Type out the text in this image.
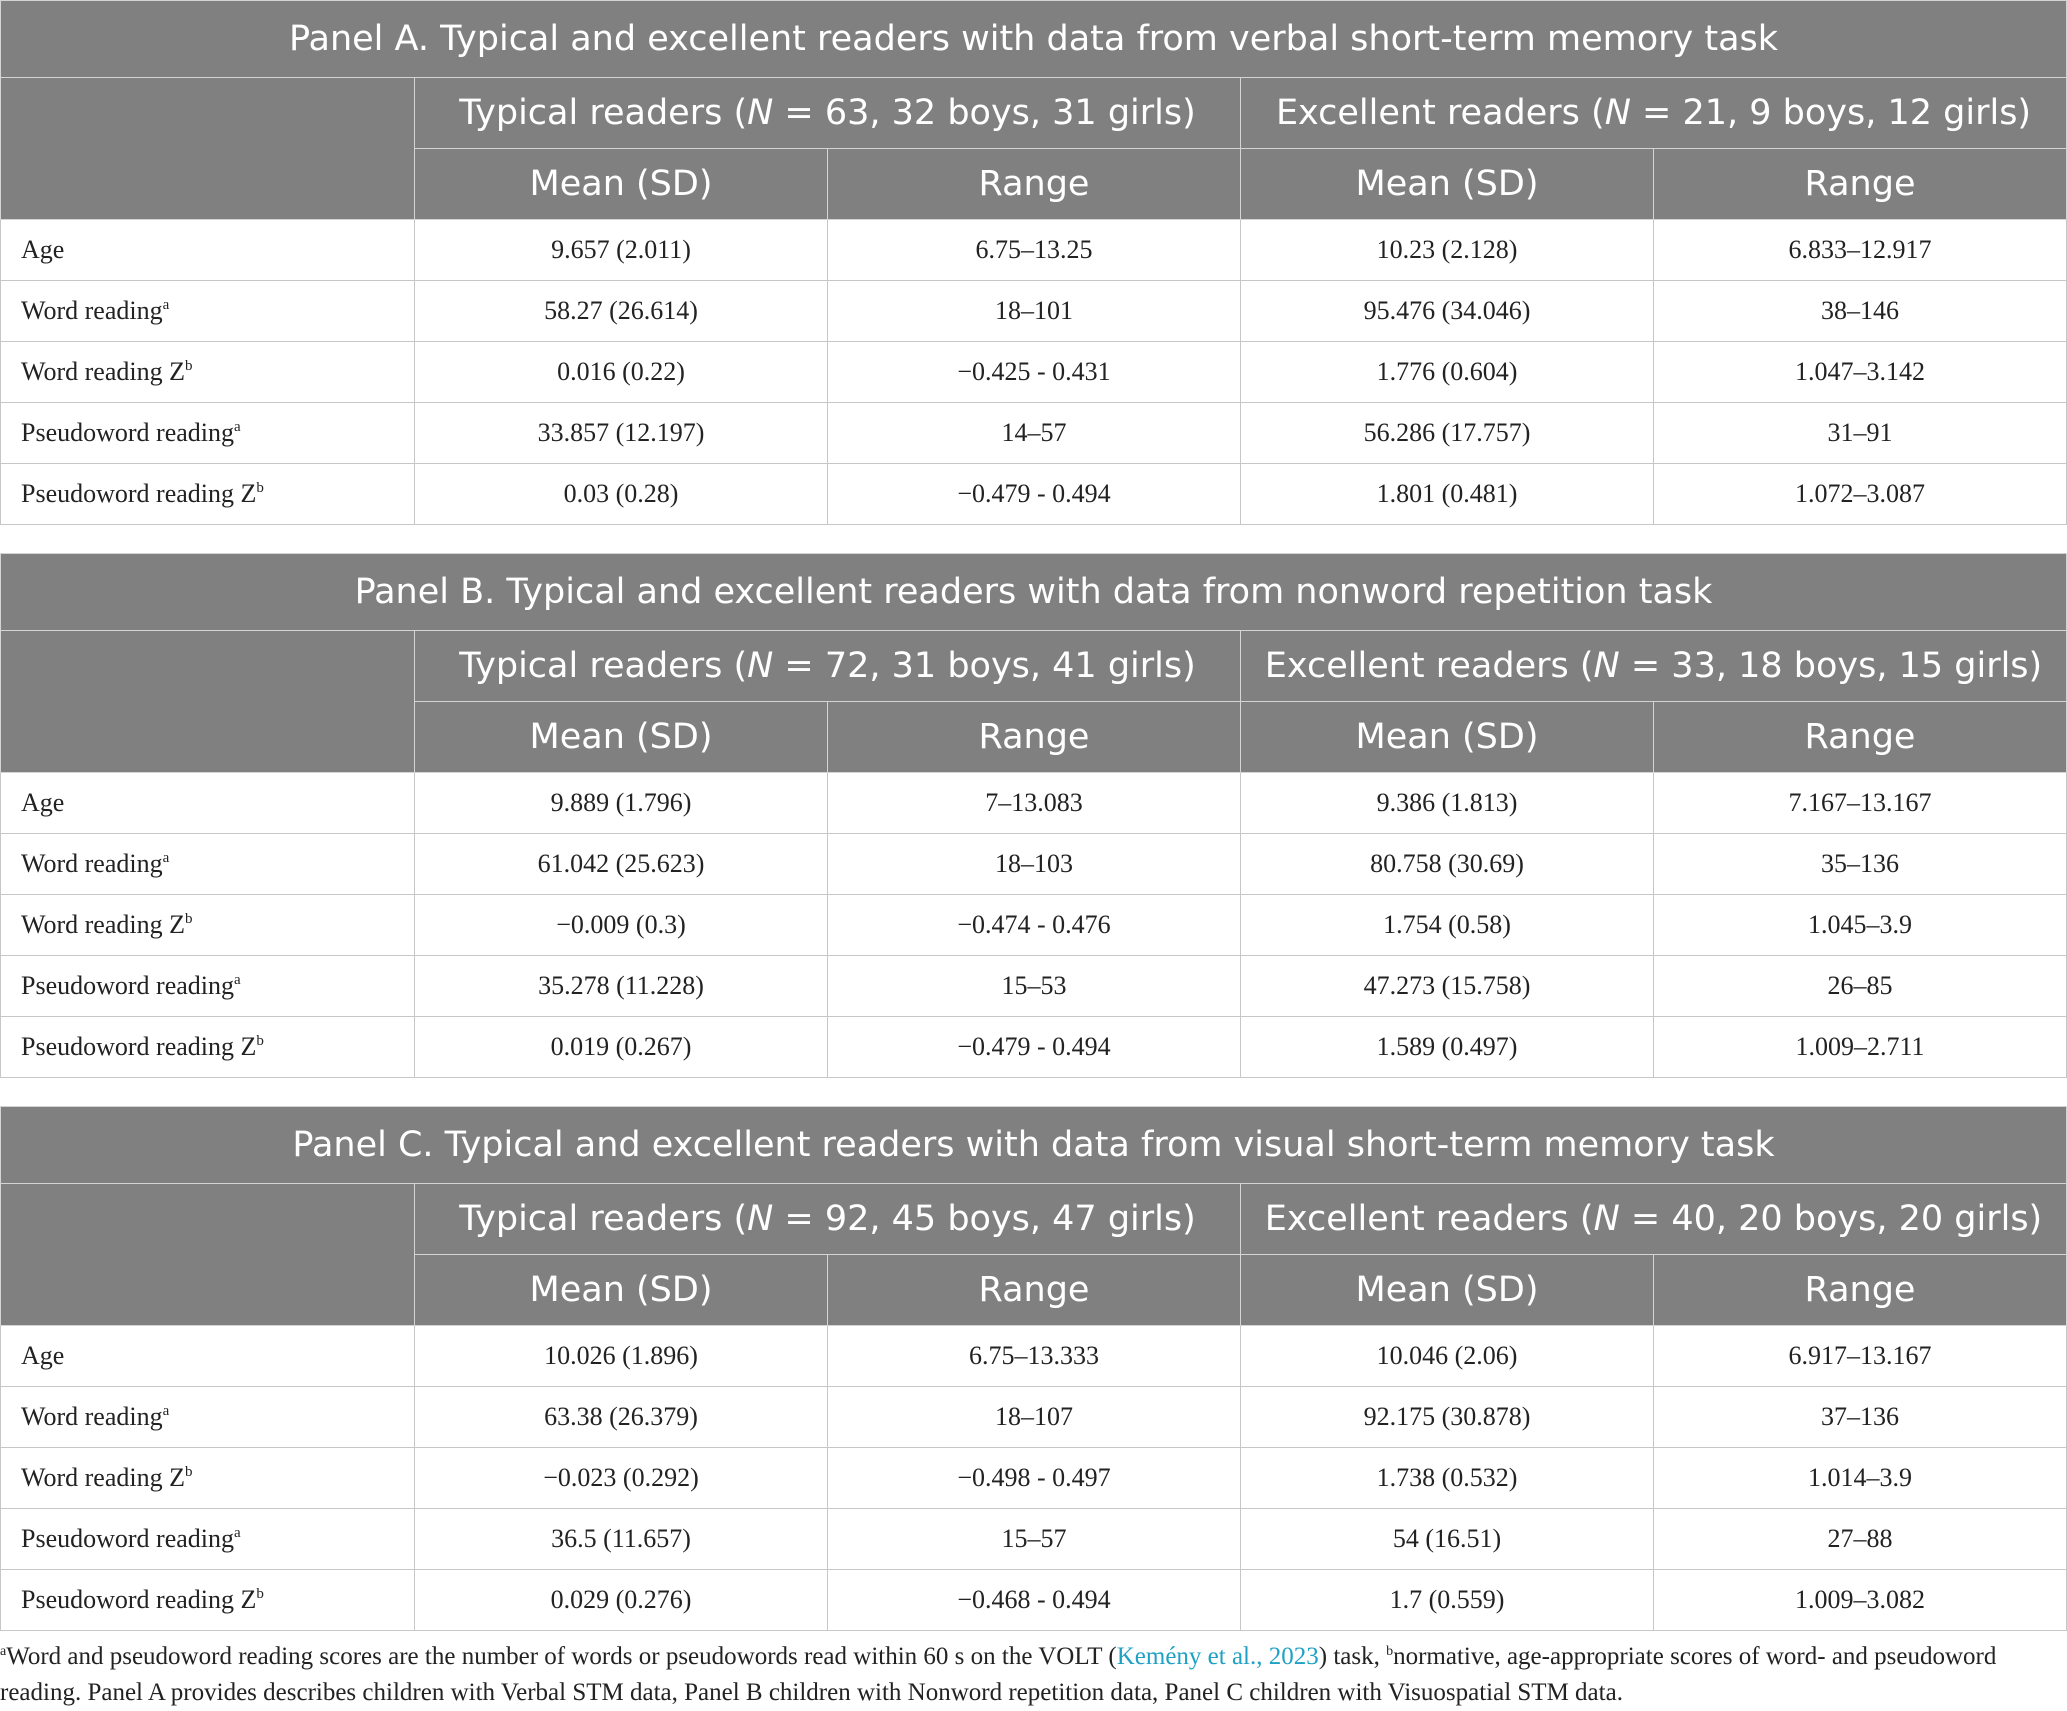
Panel A. Typical and excellent readers with data from verbal short-term memory task				
	Typical readers (N = 63, 32 boys, 31 girls)		Excellent readers (N = 21, 9 boys, 12 girls)	
	Mean (SD)	Range	Mean (SD)	Range
Age	9.657 (2.011)	6.75–13.25	10.23 (2.128)	6.833–12.917
Word reading$^a$	58.27 (26.614)	18–101	95.476 (34.046)	38–146
Word reading $Z^b$	0.016 (0.22)	−0.425 - 0.431	1.776 (0.604)	1.047–3.142
Pseudoword reading$^a$	33.857 (12.197)	14–57	56.286 (17.757)	31–91
Pseudoword reading $Z^b$	0.03 (0.28)	−0.479 - 0.494	1.801 (0.481)	1.072–3.087
Panel B. Typical and excellent readers with data from nonword repetition task				
	Typical readers (N = 72, 31 boys, 41 girls)		Excellent readers (N = 33, 18 boys, 15 girls)	
	Mean (SD)	Range	Mean (SD)	Range
Age	9.889 (1.796)	7–13.083	9.386 (1.813)	7.167–13.167
Word reading$^a$	61.042 (25.623)	18–103	80.758 (30.69)	35–136
Word reading $Z^b$	−0.009 (0.3)	−0.474 - 0.476	1.754 (0.58)	1.045–3.9
Pseudoword reading$^a$	35.278 (11.228)	15–53	47.273 (15.758)	26–85
Pseudoword reading $Z^b$	0.019 (0.267)	−0.479 - 0.494	1.589 (0.497)	1.009–2.711
Panel C. Typical and excellent readers with data from visual short-term memory task				
	Typical readers (N = 92, 45 boys, 47 girls)		Excellent readers (N = 40, 20 boys, 20 girls)	
	Mean (SD)	Range	Mean (SD)	Range
Age	10.026 (1.896)	6.75–13.333	10.046 (2.06)	6.917–13.167
Word reading$^a$	63.38 (26.379)	18–107	92.175 (30.878)	37–136
Word reading $Z^b$	−0.023 (0.292)	−0.498 - 0.497	1.738 (0.532)	1.014–3.9
Pseudoword reading$^a$	36.5 (11.657)	15–57	54 (16.51)	27–88
Pseudoword reading $Z^b$	0.029 (0.276)	−0.468 - 0.494	1.7 (0.559)	1.009–3.082
$^a$Word and pseudoword reading scores are the number of words or pseudowords read within 60 s on the VOLT (Kemény et al., 2023) task, $^b$normative, age-appropriate scores of word- and pseudoword reading. Panel A provides describes children with Verbal STM data, Panel B children with Nonword repetition data, Panel C children with Visuospatial STM data.
